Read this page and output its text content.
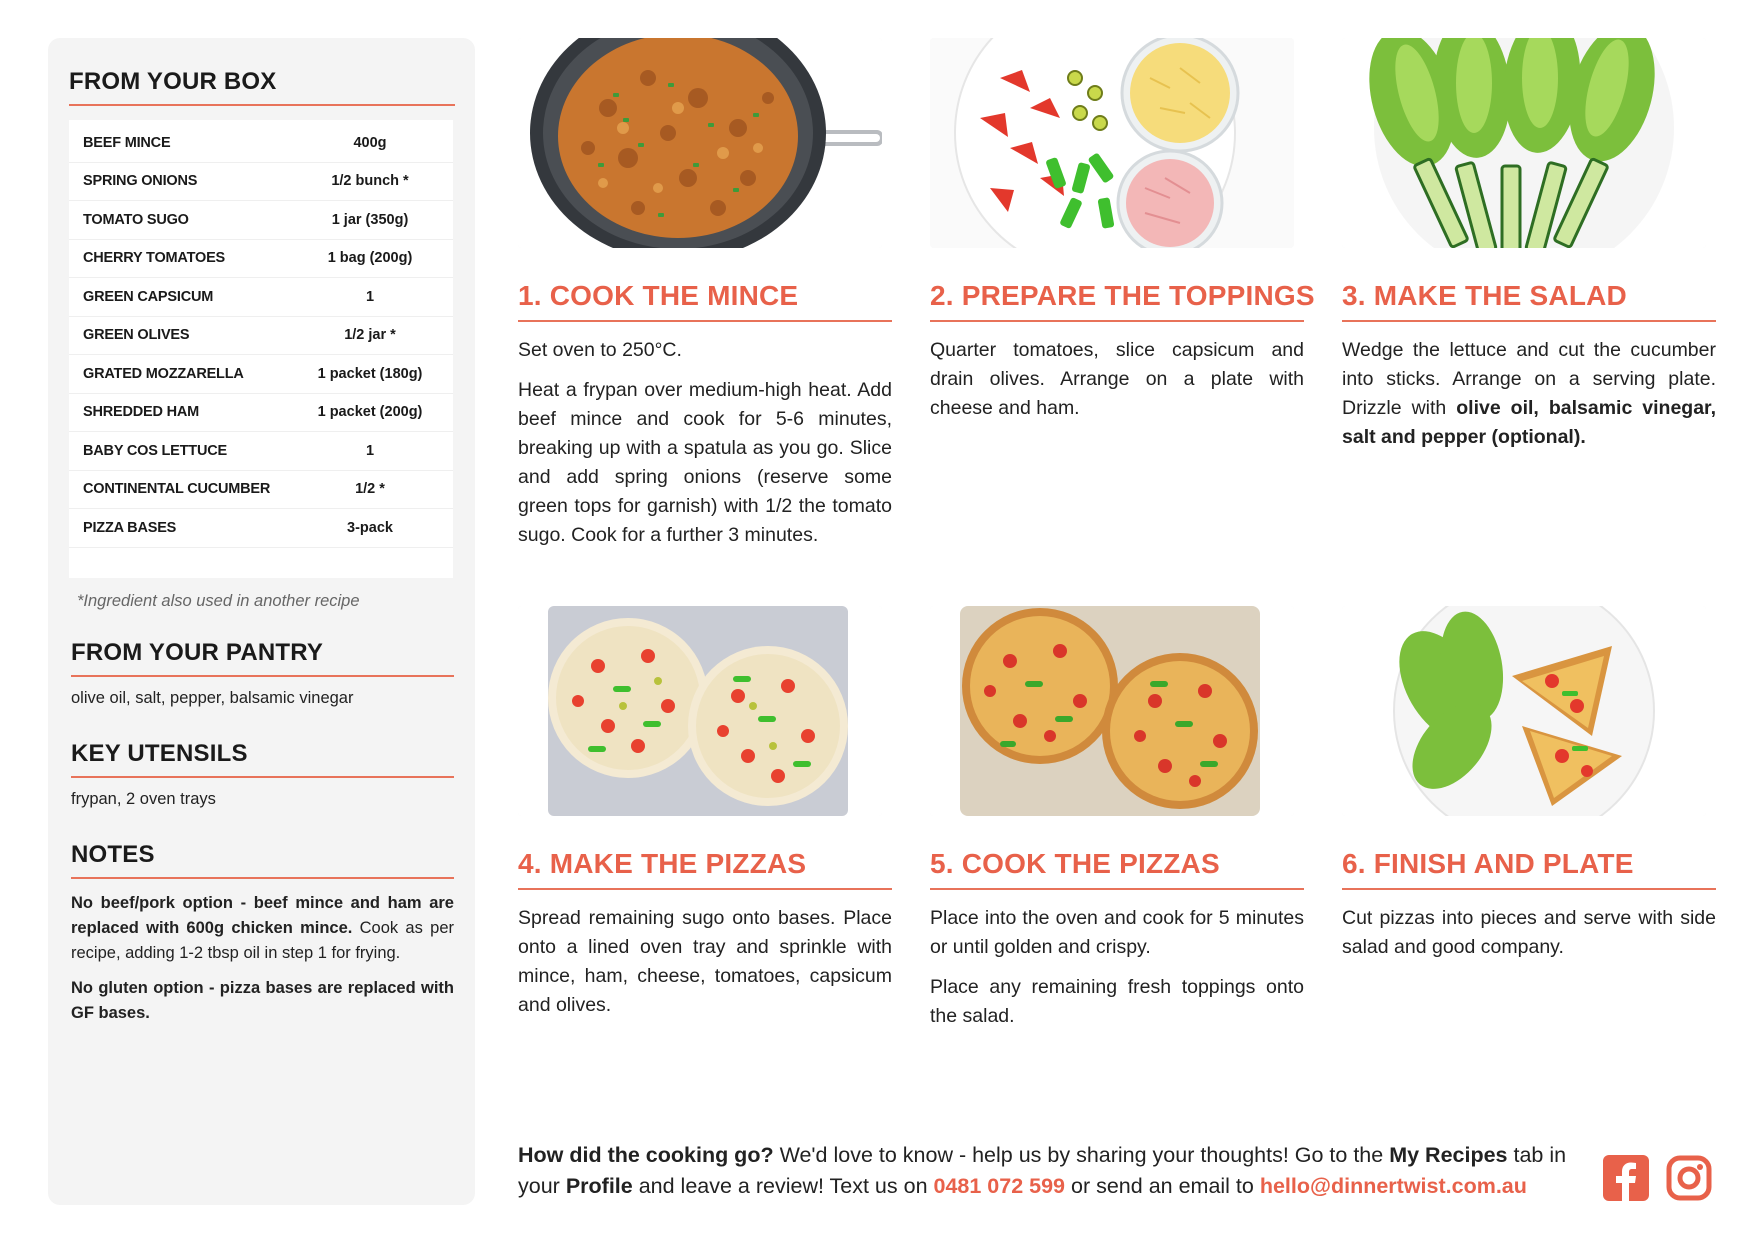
FROM YOUR BOX
BEEF MINCE	400g
SPRING ONIONS	1/2 bunch *
TOMATO SUGO	1 jar (350g)
CHERRY TOMATOES	1 bag (200g)
GREEN CAPSICUM	1
GREEN OLIVES	1/2 jar *
GRATED MOZZARELLA	1 packet (180g)
SHREDDED HAM	1 packet (200g)
BABY COS LETTUCE	1
CONTINENTAL CUCUMBER	1/2 *
PIZZA BASES	3-pack
*Ingredient also used in another recipe
FROM YOUR PANTRY
olive oil, salt, pepper, balsamic vinegar
KEY UTENSILS
frypan, 2 oven trays
NOTES

No beef/pork option - beef mince and ham are replaced with 600g chicken mince. Cook as per recipe, adding 1-2 tbsp oil in step 1 for frying.

No gluten option - pizza bases are replaced with GF bases.

1. COOK THE MINCE

Set oven to 250°C.

Heat a frypan over medium-high heat. Add beef mince and cook for 5-6 minutes, breaking up with a spatula as you go. Slice and add spring onions (reserve some green tops for garnish) with 1/2 the tomato sugo. Cook for a further 3 minutes.

2. PREPARE THE TOPPINGS

Quarter tomatoes, slice capsicum and drain olives. Arrange on a plate with cheese and ham.

3. MAKE THE SALAD

Wedge the lettuce and cut the cucumber into sticks. Arrange on a serving plate. Drizzle with olive oil, balsamic vinegar, salt and pepper (optional).

4. MAKE THE PIZZAS

Spread remaining sugo onto bases. Place onto a lined oven tray and sprinkle with mince, ham, cheese, tomatoes, capsicum and olives.

5. COOK THE PIZZAS

Place into the oven and cook for 5 minutes or until golden and crispy.

Place any remaining fresh toppings onto the salad.

6. FINISH AND PLATE

Cut pizzas into pieces and serve with side salad and good company.

How did the cooking go? We'd love to know - help us by sharing your thoughts! Go to the My Recipes tab in your Profile and leave a review! Text us on 0481 072 599 or send an email to hello@dinnertwist.com.au
